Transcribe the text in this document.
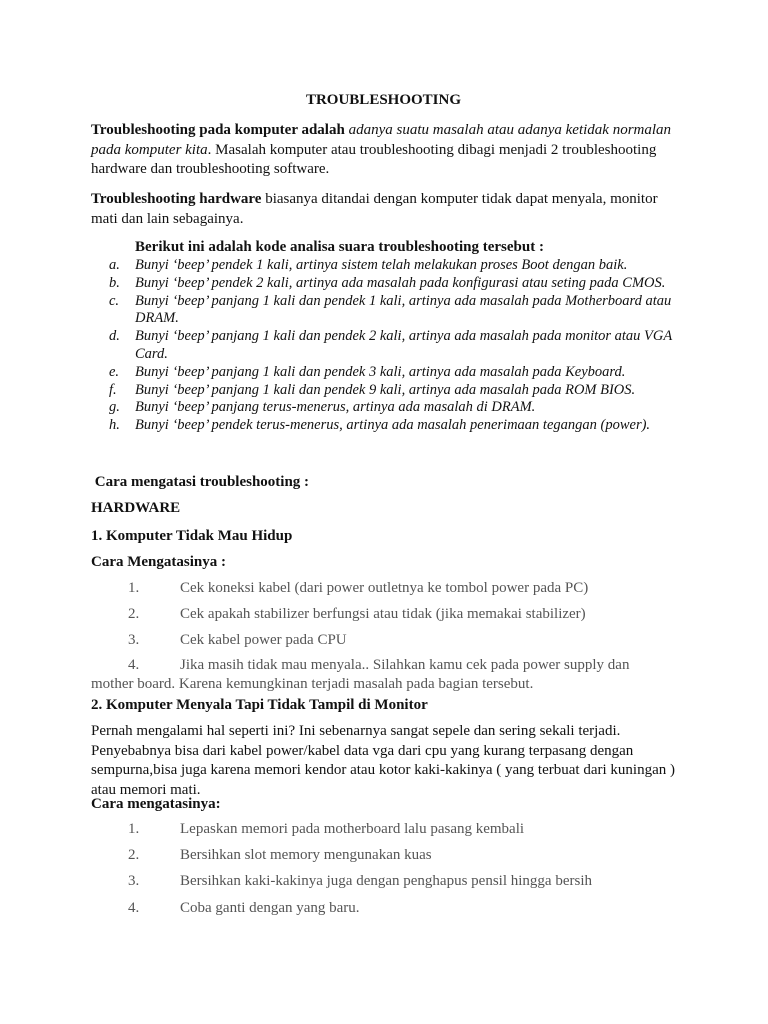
TROUBLESHOOTING
Troubleshooting pada komputer adalah adanya suatu masalah atau adanya ketidak normalan pada komputer kita. Masalah komputer atau troubleshooting dibagi menjadi 2 troubleshooting hardware dan troubleshooting software.
Troubleshooting hardware biasanya ditandai dengan komputer tidak dapat menyala, monitor mati dan lain sebagainya.
Berikut ini adalah kode analisa suara troubleshooting tersebut :
a.	Bunyi ‘beep’ pendek 1 kali, artinya sistem telah melakukan proses Boot dengan baik.
b.	Bunyi ‘beep’ pendek 2 kali, artinya ada masalah pada konfigurasi atau seting pada CMOS.
c.	Bunyi ‘beep’ panjang 1 kali dan pendek 1 kali, artinya ada masalah pada Motherboard atau DRAM.
d.	Bunyi ‘beep’ panjang 1 kali dan pendek 2 kali, artinya ada masalah pada monitor atau VGA Card.
e.	Bunyi ‘beep’ panjang 1 kali dan pendek 3 kali, artinya ada masalah pada Keyboard.
f.	Bunyi ‘beep’ panjang 1 kali dan pendek 9 kali, artinya ada masalah pada ROM BIOS.
g.	Bunyi ‘beep’ panjang terus-menerus, artinya ada masalah di DRAM.
h.	Bunyi ‘beep’ pendek terus-menerus, artinya ada masalah penerimaan tegangan (power).
Cara mengatasi troubleshooting :
HARDWARE
1. Komputer Tidak Mau Hidup
Cara Mengatasinya :
1.	Cek koneksi kabel (dari power outletnya ke tombol power pada PC)
2.	Cek apakah stabilizer berfungsi atau tidak (jika memakai stabilizer)
3.	Cek kabel power pada CPU
4.	Jika masih tidak mau menyala.. Silahkan kamu cek pada power supply dan
mother board. Karena kemungkinan terjadi masalah pada bagian tersebut.
2. Komputer Menyala Tapi Tidak Tampil di Monitor
Pernah mengalami hal seperti ini? Ini sebenarnya sangat sepele dan sering sekali terjadi. Penyebabnya bisa dari kabel power/kabel data vga dari cpu yang kurang terpasang dengan sempurna,bisa juga karena memori kendor atau kotor kaki-kakinya ( yang terbuat dari kuningan ) atau memori mati.
Cara mengatasinya:
1.	Lepaskan memori pada motherboard lalu pasang kembali
2.	Bersihkan slot memory mengunakan kuas
3.	Bersihkan kaki-kakinya juga dengan penghapus pensil hingga bersih
4.	Coba ganti dengan yang baru.
